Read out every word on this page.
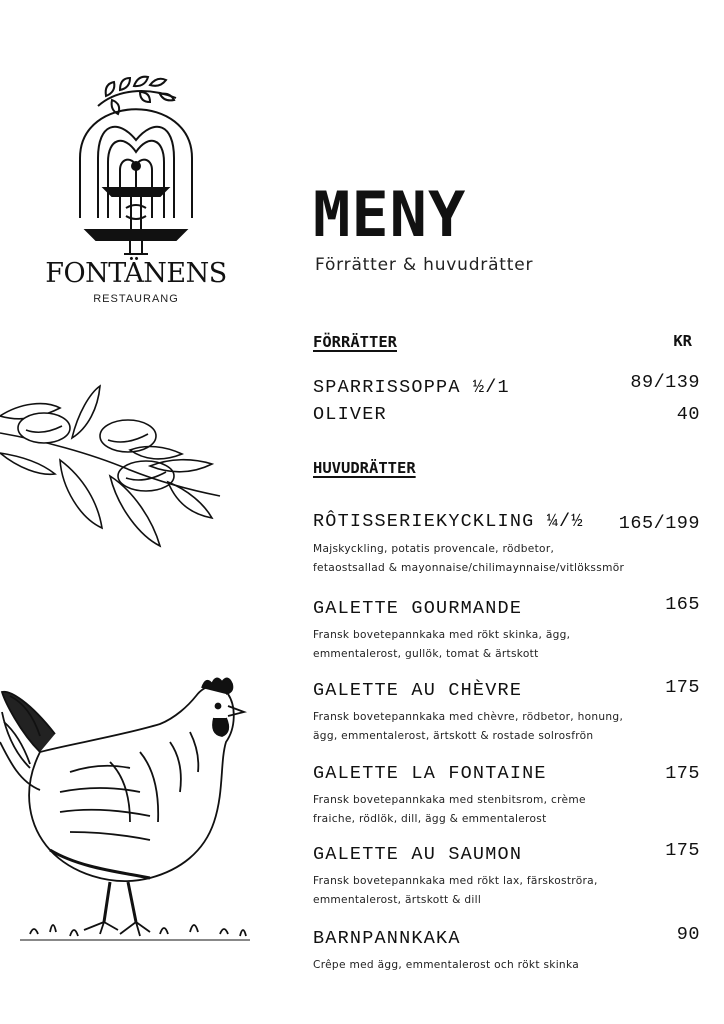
FONTÄNENS
RESTAURANG
MENY
Förrätter & huvudrätter
FÖRRÄTTER	KR
SPARRISSOPPA ½/1	89/139
OLIVER	40
HUVUDRÄTTER
RÔTISSERIEKYCKLING ¼/½ 165/199
Majskyckling, potatis provencale, rödbetor,
fetaostsallad & mayonnaise/chilimaynnaise/vitlökssmör
GALETTE GOURMANDE	165
Fransk bovetepannkaka med rökt skinka, ägg,
emmentalerost, gullök, tomat & ärtskott
GALETTE AU CHÈVRE	175
Fransk bovetepannkaka med chèvre, rödbetor, honung,
ägg, emmentalerost, ärtskott & rostade solrosfrön
GALETTE LA FONTAINE	175
Fransk bovetepannkaka med stenbitsrom, crème
fraiche, rödlök, dill, ägg & emmentalerost
GALETTE AU SAUMON	175
Fransk bovetepannkaka med rökt lax, färskoströra,
emmentalerost, ärtskott & dill
BARNPANNKAKA	90
Crêpe med ägg, emmentalerost och rökt skinka
